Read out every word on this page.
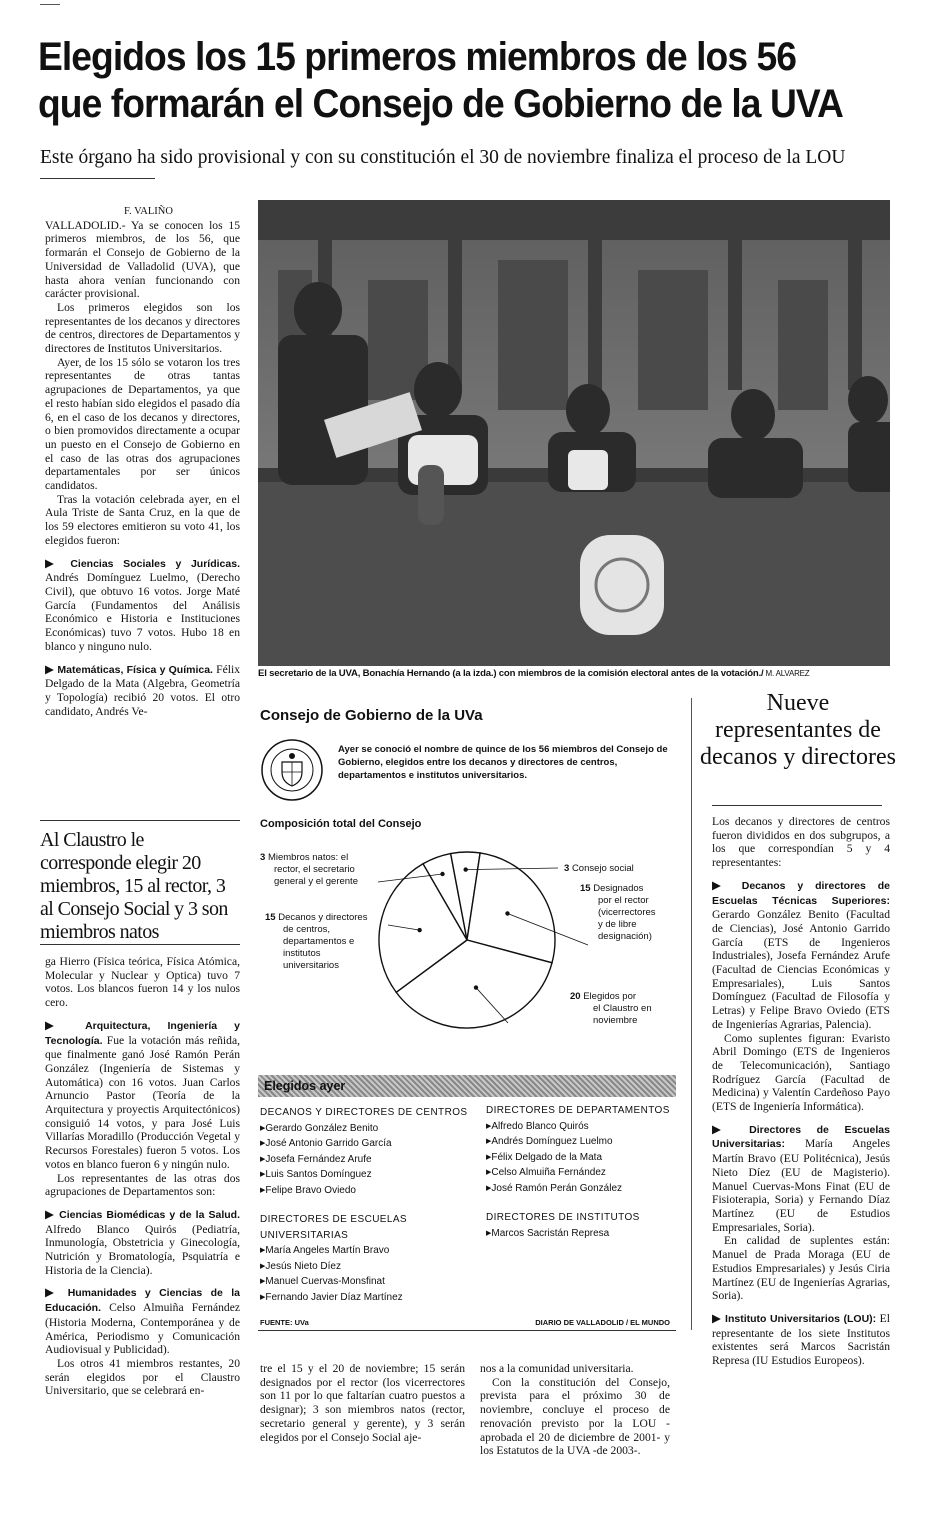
Elegidos los 15 primeros miembros de los 56 que formarán el Consejo de Gobierno de la UVA

Este órgano ha sido provisional y con su constitución el 30 de noviembre finaliza el proceso de la LOU

F. VALIÑO

VALLADOLID.- Ya se conocen los 15 primeros miembros, de los 56, que formarán el Consejo de Gobierno de la Universidad de Valladolid (UVA), que hasta ahora venían funcionando con carácter provisional.

Los primeros elegidos son los representantes de los decanos y directores de centros, directores de Departamentos y directores de Institutos Universitarios.

Ayer, de los 15 sólo se votaron los tres representantes de otras tantas agrupaciones de Departamentos, ya que el resto habían sido elegidos el pasado día 6, en el caso de los decanos y directores, o bien promovidos directamente a ocupar un puesto en el Consejo de Gobierno en el caso de las otras dos agrupaciones departamentales por ser únicos candidatos.

Tras la votación celebrada ayer, en el Aula Triste de Santa Cruz, en la que de los 59 electores emitieron su voto 41, los elegidos fueron:

▶ Ciencias Sociales y Jurídicas. Andrés Domínguez Luelmo, (Derecho Civil), que obtuvo 16 votos. Jorge Maté García (Fundamentos del Análisis Económico e Historia e Instituciones Económicas) tuvo 7 votos. Hubo 18 en blanco y ninguno nulo.

▶ Matemáticas, Física y Química. Félix Delgado de la Mata (Algebra, Geometría y Topología) recibió 20 votos. El otro candidato, Andrés Ve-

Al Claustro le corresponde elegir 20 miembros, 15 al rector, 3 al Consejo Social y 3 son miembros natos

ga Hierro (Física teórica, Física Atómica, Molecular y Nuclear y Optica) tuvo 7 votos. Los blancos fueron 14 y los nulos cero.

▶ Arquitectura, Ingeniería y Tecnología. Fue la votación más reñida, que finalmente ganó José Ramón Perán González (Ingeniería de Sistemas y Automática) con 16 votos. Juan Carlos Arnuncio Pastor (Teoría de la Arquitectura y proyectis Arquitectónicos) consiguió 14 votos, y para José Luis Villarías Moradillo (Producción Vegetal y Recursos Forestales) fueron 5 votos. Los votos en blanco fueron 6 y ningún nulo.

Los representantes de las otras dos agrupaciones de Departamentos son:

▶ Ciencias Biomédicas y de la Salud. Alfredo Blanco Quirós (Pediatría, Inmunología, Obstetricia y Ginecología, Nutrición y Bromatología, Psquiatría e Historia de la Ciencia).

▶ Humanidades y Ciencias de la Educación. Celso Almuiña Fernández (Historia Moderna, Contemporánea y de América, Periodismo y Comunicación Audiovisual y Publicidad).

Los otros 41 miembros restantes, 20 serán elegidos por el Claustro Universitario, que se celebrará en-

tre el 15 y el 20 de noviembre; 15 serán designados por el rector (los vicerrectores son 11 por lo que faltarían cuatro puestos a designar); 3 son miembros natos (rector, secretario general y gerente), y 3 serán elegidos por el Consejo Social aje-

nos a la comunidad universitaria.

Con la constitución del Consejo, prevista para el próximo 30 de noviembre, concluye el proceso de renovación previsto por la LOU -aprobada el 20 de diciembre de 2001- y los Estatutos de la UVA -de 2003-.

El secretario de la UVA, Bonachía Hernando (a la izda.) con miembros de la comisión electoral antes de la votación./ M. ALVAREZ

Consejo de Gobierno de la UVa

Ayer se conoció el nombre de quince de los 56 miembros del Consejo de Gobierno, elegidos entre los decanos y directores de centros, departamentos e institutos universitarios.

Composición total del Consejo

3 Miembros natos: el
rector, el secretario
general y el gerente
15 Decanos y directores
de centros,
departamentos e
institutos
universitarios
3 Consejo social
15 Designados
por el rector
(vicerrectores
y de libre
designación)
20 Elegidos por
el Claustro en
noviembre
Elegidos ayer
DECANOS Y DIRECTORES DE CENTROS
▶ Gerardo González Benito
▶ José Antonio Garrido García
▶ Josefa Fernández Arufe
▶ Luis Santos Domínguez
▶ Felipe Bravo Oviedo
DIRECTORES DE DEPARTAMENTOS
▶ Alfredo Blanco Quirós
▶ Andrés Domínguez Luelmo
▶ Félix Delgado de la Mata
▶ Celso Almuiña Fernández
▶ José Ramón Perán González
DIRECTORES DE ESCUELAS
UNIVERSITARIAS
▶ María Angeles Martín Bravo
▶ Jesús Nieto Díez
▶ Manuel Cuervas-Monsfinat
▶ Fernando Javier Díaz Martínez
DIRECTORES DE INSTITUTOS
▶ Marcos Sacristán Represa
FUENTE: UVa	DIARIO DE VALLADOLID / EL MUNDO
Nueve representantes de decanos y directores

Los decanos y directores de centros fueron divididos en dos subgrupos, a los que correspondían 5 y 4 representantes:

▶ Decanos y directores de Escuelas Técnicas Superiores: Gerardo González Benito (Facultad de Ciencias), José Antonio Garrido García (ETS de Ingenieros Industriales), Josefa Fernández Arufe (Facultad de Ciencias Económicas y Empresariales), Luis Santos Domínguez (Facultad de Filosofía y Letras) y Felipe Bravo Oviedo (ETS de Ingenierías Agrarias, Palencia).

Como suplentes figuran: Evaristo Abril Domingo (ETS de Ingenieros de Telecomunicación), Santiago Rodríguez García (Facultad de Medicina) y Valentín Cardeñoso Payo (ETS de Ingeniería Informática).

▶ Directores de Escuelas Universitarias: María Angeles Martín Bravo (EU Politécnica), Jesús Nieto Díez (EU de Magisterio). Manuel Cuervas-Mons Finat (EU de Fisioterapia, Soria) y Fernando Díaz Martínez (EU de Estudios Empresariales, Soria).

En calidad de suplentes están: Manuel de Prada Moraga (EU de Estudios Empresariales) y Jesús Ciria Martínez (EU de Ingenierías Agrarias, Soria).

▶ Instituto Universitarios (LOU): El representante de los siete Institutos existentes será Marcos Sacristán Represa (IU Estudios Europeos).
